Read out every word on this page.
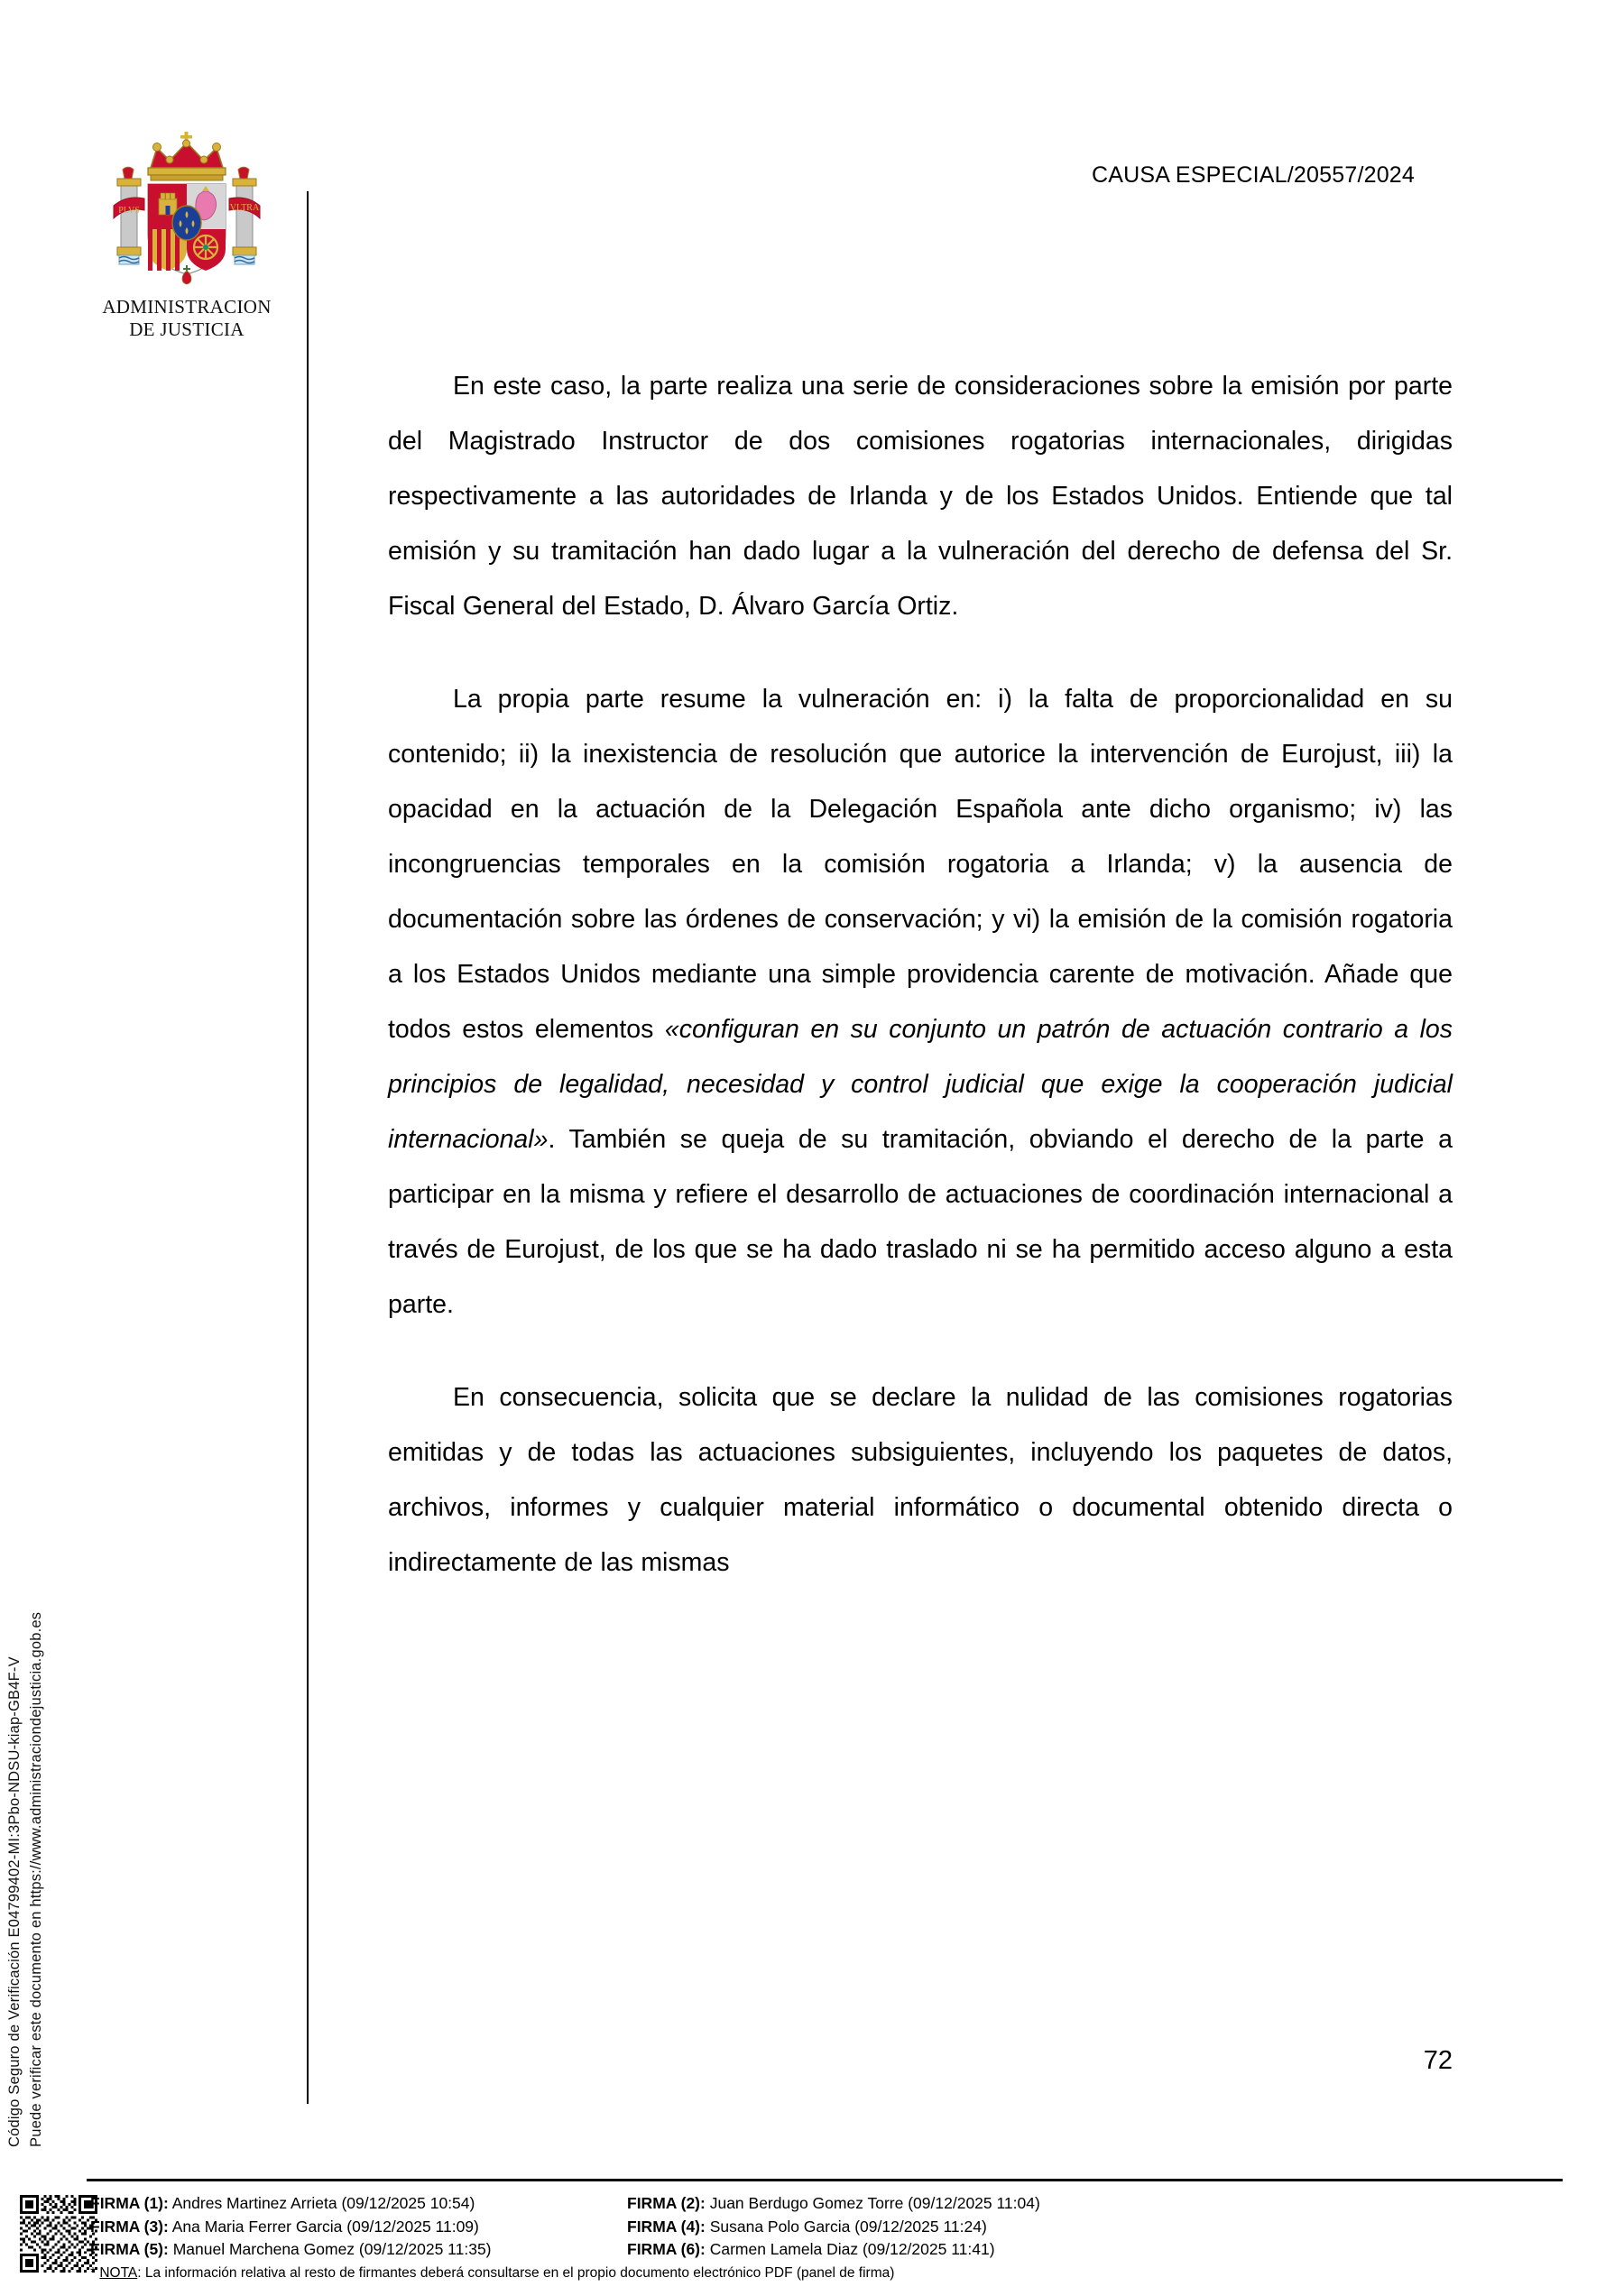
PLVS	VLTRA
ADMINISTRACION
DE JUSTICIA
CAUSA ESPECIAL/20557/2024
Puede verificar este documento en https://www.administraciondejusticia.gob.es
Código Seguro de Verificación E04799402-MI:3Pbo-NDSU-kiap-GB4F-V

En este caso, la parte realiza una serie de consideraciones sobre la emisión por parte del Magistrado Instructor de dos comisiones rogatorias internacionales, dirigidas respectivamente a las autoridades de Irlanda y de los Estados Unidos. Entiende que tal emisión y su tramitación han dado lugar a la vulneración del derecho de defensa del Sr. Fiscal General del Estado, D. Álvaro García Ortiz.

La propia parte resume la vulneración en: i) la falta de proporcionalidad en su contenido; ii) la inexistencia de resolución que autorice la intervención de Eurojust, iii) la opacidad en la actuación de la Delegación Española ante dicho organismo; iv) las incongruencias temporales en la comisión rogatoria a Irlanda; v) la ausencia de documentación sobre las órdenes de conservación; y vi) la emisión de la comisión rogatoria a los Estados Unidos mediante una simple providencia carente de motivación. Añade que todos estos elementos «configuran en su conjunto un patrón de actuación contrario a los principios de legalidad, necesidad y control judicial que exige la cooperación judicial internacional». También se queja de su tramitación, obviando el derecho de la parte a participar en la misma y refiere el desarrollo de actuaciones de coordinación internacional a través de Eurojust, de los que se ha dado traslado ni se ha permitido acceso alguno a esta parte.

En consecuencia, solicita que se declare la nulidad de las comisiones rogatorias emitidas y de todas las actuaciones subsiguientes, incluyendo los paquetes de datos, archivos, informes y cualquier material informático o documental obtenido directa o indirectamente de las mismas

72
FIRMA (1): Andres Martinez Arrieta (09/12/2025 10:54)	FIRMA (2): Juan Berdugo Gomez Torre (09/12/2025 11:04)
FIRMA (3): Ana Maria Ferrer Garcia (09/12/2025 11:09)	FIRMA (4): Susana Polo Garcia (09/12/2025 11:24)
FIRMA (5): Manuel Marchena Gomez (09/12/2025 11:35)	FIRMA (6): Carmen Lamela Diaz (09/12/2025 11:41)
* NOTA: La información relativa al resto de firmantes deberá consultarse en el propio documento electrónico PDF (panel de firma)
